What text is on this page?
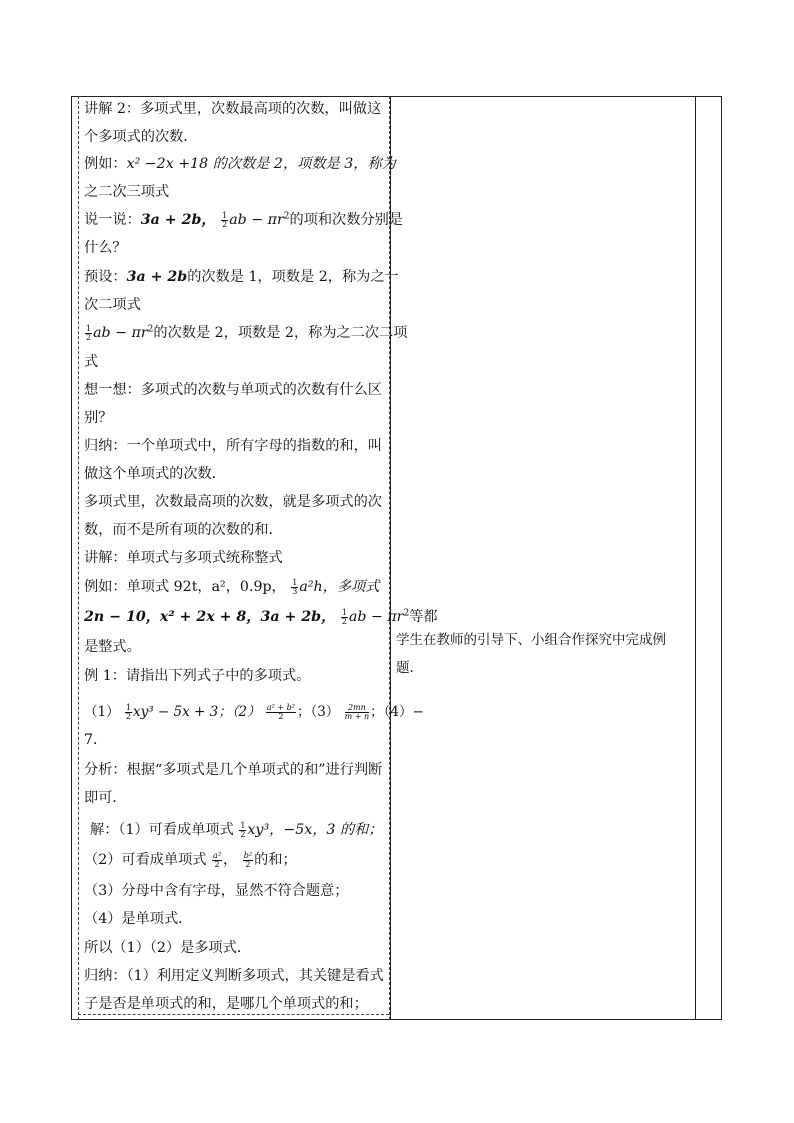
讲解 2：多项式里，次数最高项的次数，叫做这
个多项式的次数．
例如：x² −2x +18 的次数是 2，项数是 3，称为
之二次三项式
说一说：3a + 2b， $\frac{1}{2}$ ab − $\pi r^2$的项和次数分别是
什么？
预设：3a + 2b的次数是 1，项数是 2，称为之一
次二项式
$\frac{1}{2}$ ab − $\pi r^2$的次数是 2，项数是 2，称为之二次二项
式
想一想：多项式的次数与单项式的次数有什么区
别？
归纳：一个单项式中，所有字母的指数的和，叫
做这个单项式的次数．
多项式里，次数最高项的次数，就是多项式的次
数，而不是所有项的次数的和．
讲解：单项式与多项式统称整式
例如：单项式 92t，a²，0.9p， $\frac{1}{3} a^2h$，多项式
2n − 10，x² + 2x + 8，3a + 2b， $\frac{1}{2}$ ab − $\pi r^2$等都
是整式。
例 1：请指出下列式子中的多项式。
$(1) \frac{1}{2} xy^3 - 5x + 3$；$(2) \frac{\text{a² + b²}}{2}$ ；$(3) \frac{2mn}{m + n}$ ；（4）−
7．
分析：根据“多项式是几个单项式的和”进行判断
即可．
解：（1）可看成单项式 $\frac{1}{2} xy^3$，−5x，3 的和；
（2）可看成单项式 $\frac{\text{a²}}{2}$ ， $\frac{\text{b²}}{2}$ 的和；
（3）分母中含有字母，显然不符合题意；
（4）是单项式．
所以（1）（2）是多项式．
归纳：（1）利用定义判断多项式，其关键是看式
子是否是单项式的和，是哪几个单项式的和；
学生在教师的引导下、小组合作探究中完成例
题.
